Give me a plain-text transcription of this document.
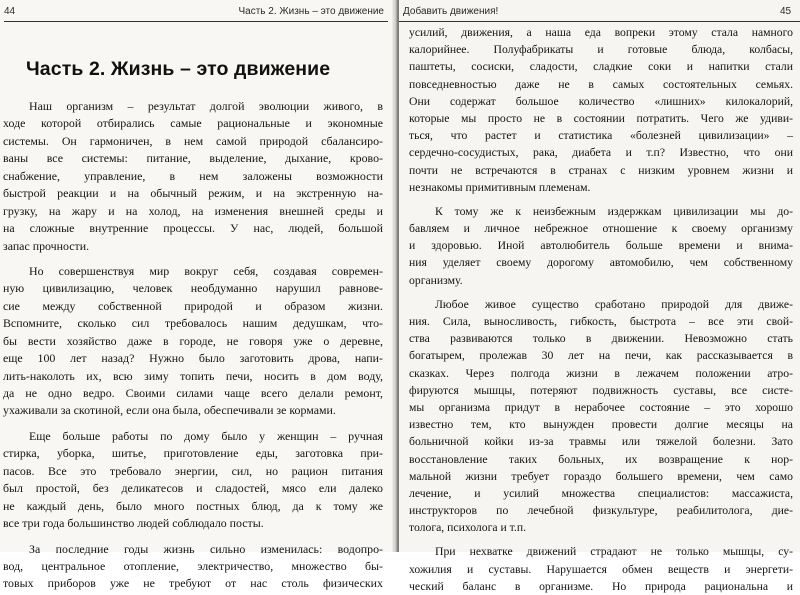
44	Часть 2. Жизнь – это движение
Часть 2. Жизнь – это движение
Наш организм – результат долгой эволюции живого, в
ходе которой отбирались самые рациональные и экономные
системы. Он гармоничен, в нем самой природой сбалансиро-
ваны все системы: питание, выделение, дыхание, крово-
снабжение, управление, в нем заложены возможности
быстрой реакции и на обычный режим, и на экстренную на-
грузку, на жару и на холод, на изменения внешней среды и
на сложные внутренние процессы. У нас, людей, большой
запас прочности.
Но совершенствуя мир вокруг себя, создавая современ-
ную цивилизацию, человек необдуманно нарушил равнове-
сие между собственной природой и образом жизни.
Вспомните, сколько сил требовалось нашим дедушкам, что-
бы вести хозяйство даже в городе, не говоря уже о деревне,
еще 100 лет назад? Нужно было заготовить дрова, напи-
лить-наколоть их, всю зиму топить печи, носить в дом воду,
да не одно ведро. Своими силами чаще всего делали ремонт,
ухаживали за скотиной, если она была, обеспечивали зе кормами.
Еще больше работы по дому было у женщин – ручная
стирка, уборка, шитье, приготовление еды, заготовка при-
пасов. Все это требовало энергии, сил, но рацион питания
был простой, без деликатесов и сладостей, мясо ели далеко
не каждый день, было много постных блюд, да к тому же
все три года большинство людей соблюдало посты.
За последние годы жизнь сильно изменилась: водопро-
вод, центральное отопление, электричество, множество бы-
товых приборов уже не требуют от нас столь физических
Добавить движения!	45
усилий, движения, а наша еда вопреки этому стала намного
калорийнее. Полуфабрикаты и готовые блюда, колбасы,
паштеты, сосиски, сладости, сладкие соки и напитки стали
повседневностью даже не в самых состоятельных семьях.
Они содержат большое количество «лишних» килокалорий,
которые мы просто не в состоянии потратить. Чего же удиви-
ться, что растет и статистика «болезней цивилизации» –
сердечно-сосудистых, рака, диабета и т.п? Известно, что они
почти не встречаются в странах с низким уровнем жизни и
незнакомы примитивным племенам.
К тому же к неизбежным издержкам цивилизации мы до-
бавляем и личное небрежное отношение к своему организму
и здоровью. Иной автолюбитель больше времени и внима-
ния уделяет своему дорогому автомобилю, чем собственному
организму.
Любое живое существо сработано природой для движе-
ния. Сила, выносливость, гибкость, быстрота – все эти свой-
ства развиваются только в движении. Невозможно стать
богатырем, пролежав 30 лет на печи, как рассказывается в
сказках. Через полгода жизни в лежачем положении атро-
фируются мышцы, потеряют подвижность суставы, все систе-
мы организма придут в нерабочее состояние – это хорошо
известно тем, кто вынужден провести долгие месяцы на
больничной койки из-за травмы или тяжелой болезни. Зато
восстановление таких больных, их возвращение к нор-
мальной жизни требует гораздо большего времени, чем само
лечение, и усилий множества специалистов: массажиста,
инструкторов по лечебной физкультуре, реабилитолога, дие-
толога, психолога и т.п.
При нехватке движений страдают не только мышцы, су-
хожилия и суставы. Нарушается обмен веществ и энергети-
ческий баланс в организме. Но природа рациональна и
